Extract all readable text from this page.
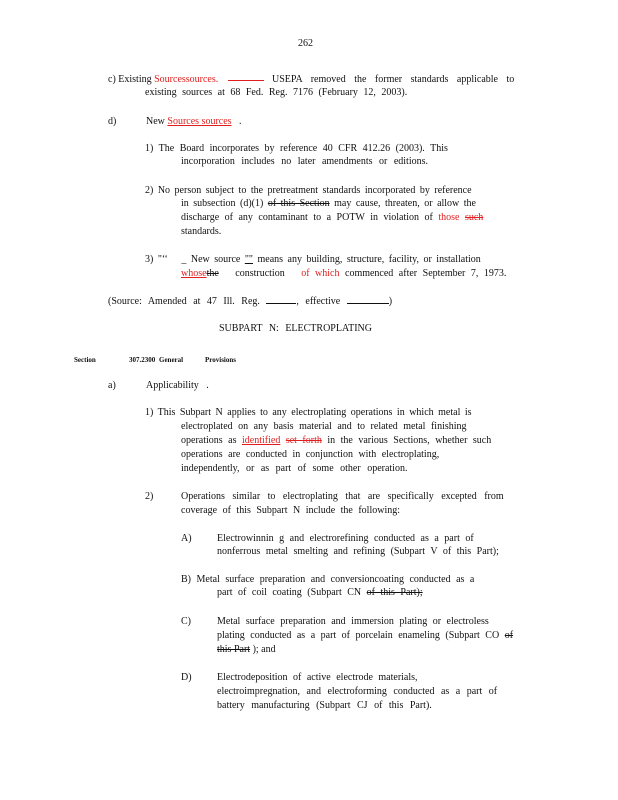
262
c) Existing Sourcessources.	USEPA removed the former standards applicable to
existing sources at 68 Fed. Reg. 7176 (February 12, 2003).
d)	New Sources sources .
1) The Board incorporates by reference 40 CFR 412.26 (2003). This
incorporation includes no later amendments or editions.
2) No person subject to the pretreatment standards incorporated by reference
in subsection (d)(1) of this Section may cause, threaten, or allow the
discharge of any contaminant to a POTW in violation of those such
standards.
3) "‘‘ _ New source "" means any building, structure, facility, or installation
whosethe construction of which commenced after September 7, 1973.
(Source: Amended at 47 Ill. Reg.	, effective	)
SUBPART N: ELECTROPLATING
Section	307.2300 General	Provisions
a)	Applicability .
1) This Subpart N applies to any electroplating operations in which metal is
electroplated on any basis material and to related metal finishing
operations as identified set forth in the various Sections, whether such
operations are conducted in conjunction with electroplating,
independently, or as part of some other operation.
2)	Operations similar to electroplating that are specifically excepted from
coverage of this Subpart N include the following:
A)	Electrowinnin g and electrorefining conducted as a part of
nonferrous metal smelting and refining (Subpart V of this Part);
B) Metal surface preparation and conversioncoating conducted as a
part of coil coating (Subpart CN of this Part);
C)	Metal surface preparation and immersion plating or electroless
plating conducted as a part of porcelain enameling (Subpart CO of
this Part ); and
D)	Electrodeposition of active electrode materials,
electroimpregnation, and electroforming conducted as a part of
battery manufacturing (Subpart CJ of this Part).
